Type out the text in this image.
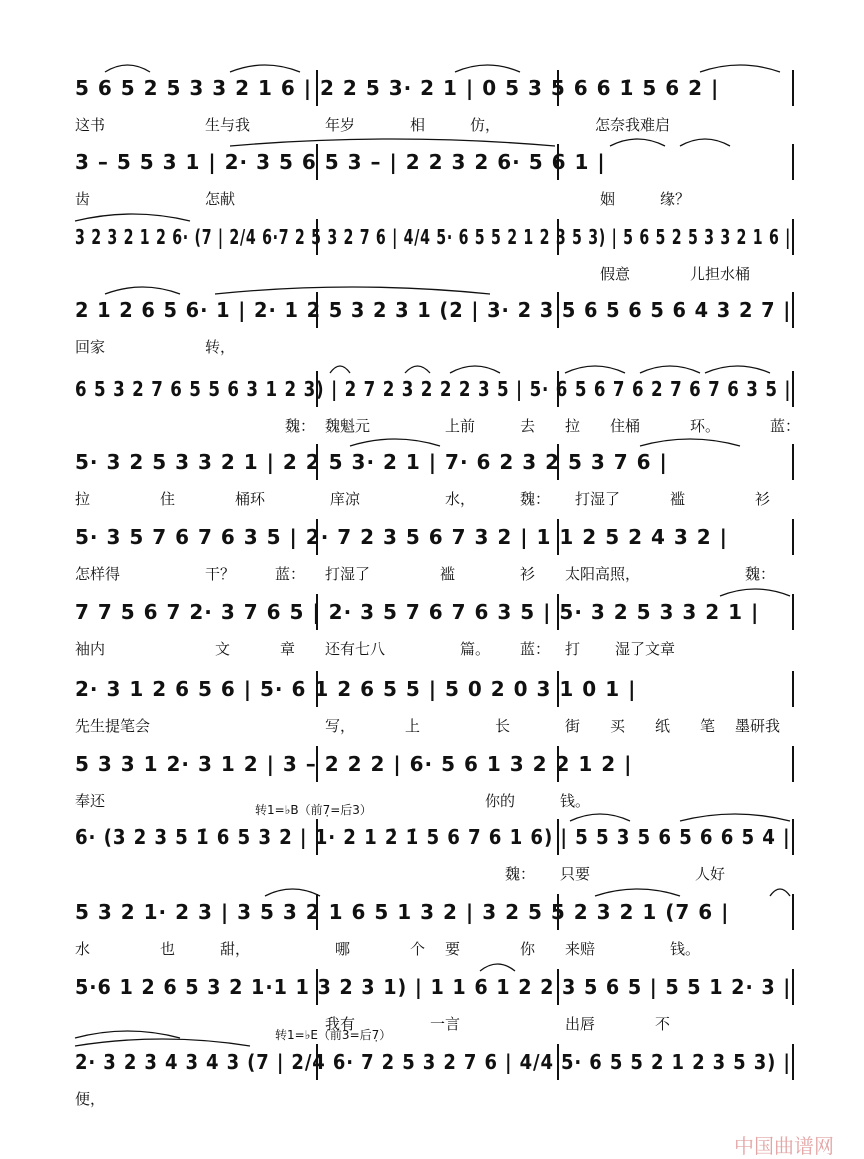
5 6 5 2 5 3 3 2 1 6 | 2 2 5 3· 2 1 | 0 5 3 5 6 6 1̇ 5 6 2 |
这书	生与我	年岁	相	仿，	怎奈我难启
3 – 5 5 3 1 | 2· 3 5 6 5 3 – | 2 2 3 2 6· 5 6 1 |
齿	怎献	姻	缘？
3 2 3 2 1 2 6· (7 | 2/4 6·7 2 5 3 2 7 6 | 4/4 5· 6 5 5 2 1 2 3 5 3) | 5 6 5 2 5 3 3 2 1 6 |
假意	儿担水桶
2 1 2 6 5 6· 1 | 2· 1 2 5 3 2 3 1 (2 | 3· 2 3 5 6 5 6 5 6 4 3 2 7 |
回家	转，
6 5 3 2 7 6 5 5 6 3 1 2 3) | 2 7 2 3 2 2 2 3 5 | 5· 6 5 6 7 6 2 7 6 7 6 3 5 |
魏： 魏魁元	上前	去 拉 住桶	环。	蓝：
5· 3 2 5 3 3 2 1 | 2 2 5 3· 2 1 | 7· 6 2 3 2 5 3 7 6 |
拉	住	桶环	庠凉	水，	魏： 打湿了	褴	衫
5· 3 5 7 6 7 6 3 5 | 2· 7 2 3 5 6 7 3 2 | 1 1 2 5 2 4 3 2 |
怎样得	干？	蓝： 打湿了	褴	衫 太阳高照，	魏：
7 7 5 6 7 2· 3 7 6 5 | 2· 3 5 7 6 7 6 3 5 | 5· 3 2 5 3 3 2 1 |
袖内	文	章 还有七八	篇。 蓝： 打 湿了文章
2· 3 1 2 6 5 6 | 5· 6 1 2 6 5 5 | 5 0 2 0 3 1 0 1 |
先生提笔会	写，	上	长	街 买 纸 笔 墨研 我
5 3 3 1 2· 3 1 2 | 3 – 2 2 2 | 6· 5 6 1 3 2 2 1 2 |
奉还	你的	钱。
6· (3 2 3 5 1̇ 6 5 3 2 | 1· 2 1 2̇ 1̇ 5 6 7 6 1 6) | 5 5 3 5 6 5 6 6 5 4 |
转1=♭B（前7̣=后3）
魏： 只要	人好
5 3 2 1· 2 3 | 3 5 3 2 1 6 5 1 3 2 | 3 2 5 5 2 3 2 1 (7 6 |
水	也	甜，	哪	个 要	你 来赔	钱。
5·6 1 2 6 5 3 2 1·1 1 3 2 3 1) | 1 1 6 1 2 2 3 5 6 5 | 5 5 1 2· 3 |
我有	一言	出唇	不
2· 3 2 3 4 3 4 3 (7 | 2/4 6· 7 2 5 3 2 7 6 | 4/4 5· 6 5 5 2 1 2 3 5 3) |
转1=♭E（前3=后7̣）
便，
中国曲谱网
